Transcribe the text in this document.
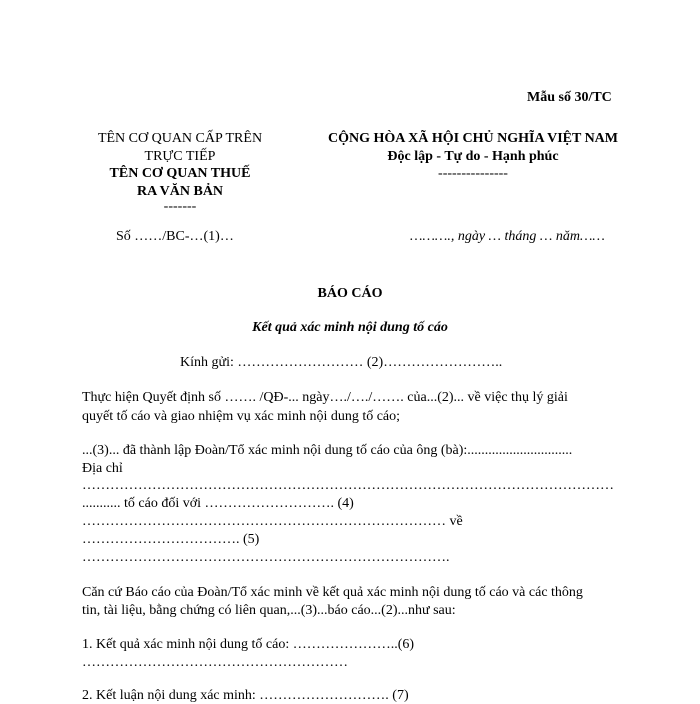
Mẫu số 30/TC
TÊN CƠ QUAN CẤP TRÊN
TRỰC TIẾP
TÊN CƠ QUAN THUẾ
RA VĂN BẢN
-------
Số ……/BC-…(1)…
CỘNG HÒA XÃ HỘI CHỦ NGHĨA VIỆT NAM
Độc lập - Tự do - Hạnh phúc
---------------
………., ngày … tháng … năm……
BÁO CÁO
Kết quả xác minh nội dung tố cáo
Kính gửi: ……………………… (2)……………………..
Thực hiện Quyết định số ……. /QĐ-... ngày…./…./……. của...(2)... về việc thụ lý giải
quyết tố cáo và giao nhiệm vụ xác minh nội dung tố cáo;
...(3)... đã thành lập Đoàn/Tổ xác minh nội dung tố cáo của ông (bà):..............................
Địa chỉ
……………………………………………………………………………………………………
........... tố cáo đối với ………………………. (4)
…………………………………………………………………… về
……………………………. (5)
…………………………………………………………………….
Căn cứ Báo cáo của Đoàn/Tổ xác minh về kết quả xác minh nội dung tố cáo và các thông
tin, tài liệu, bằng chứng có liên quan,...(3)...báo cáo...(2)...như sau:
1. Kết quả xác minh nội dung tố cáo: …………………..(6)
…………………………………………………
2. Kết luận nội dung xác minh: ………………………. (7)
